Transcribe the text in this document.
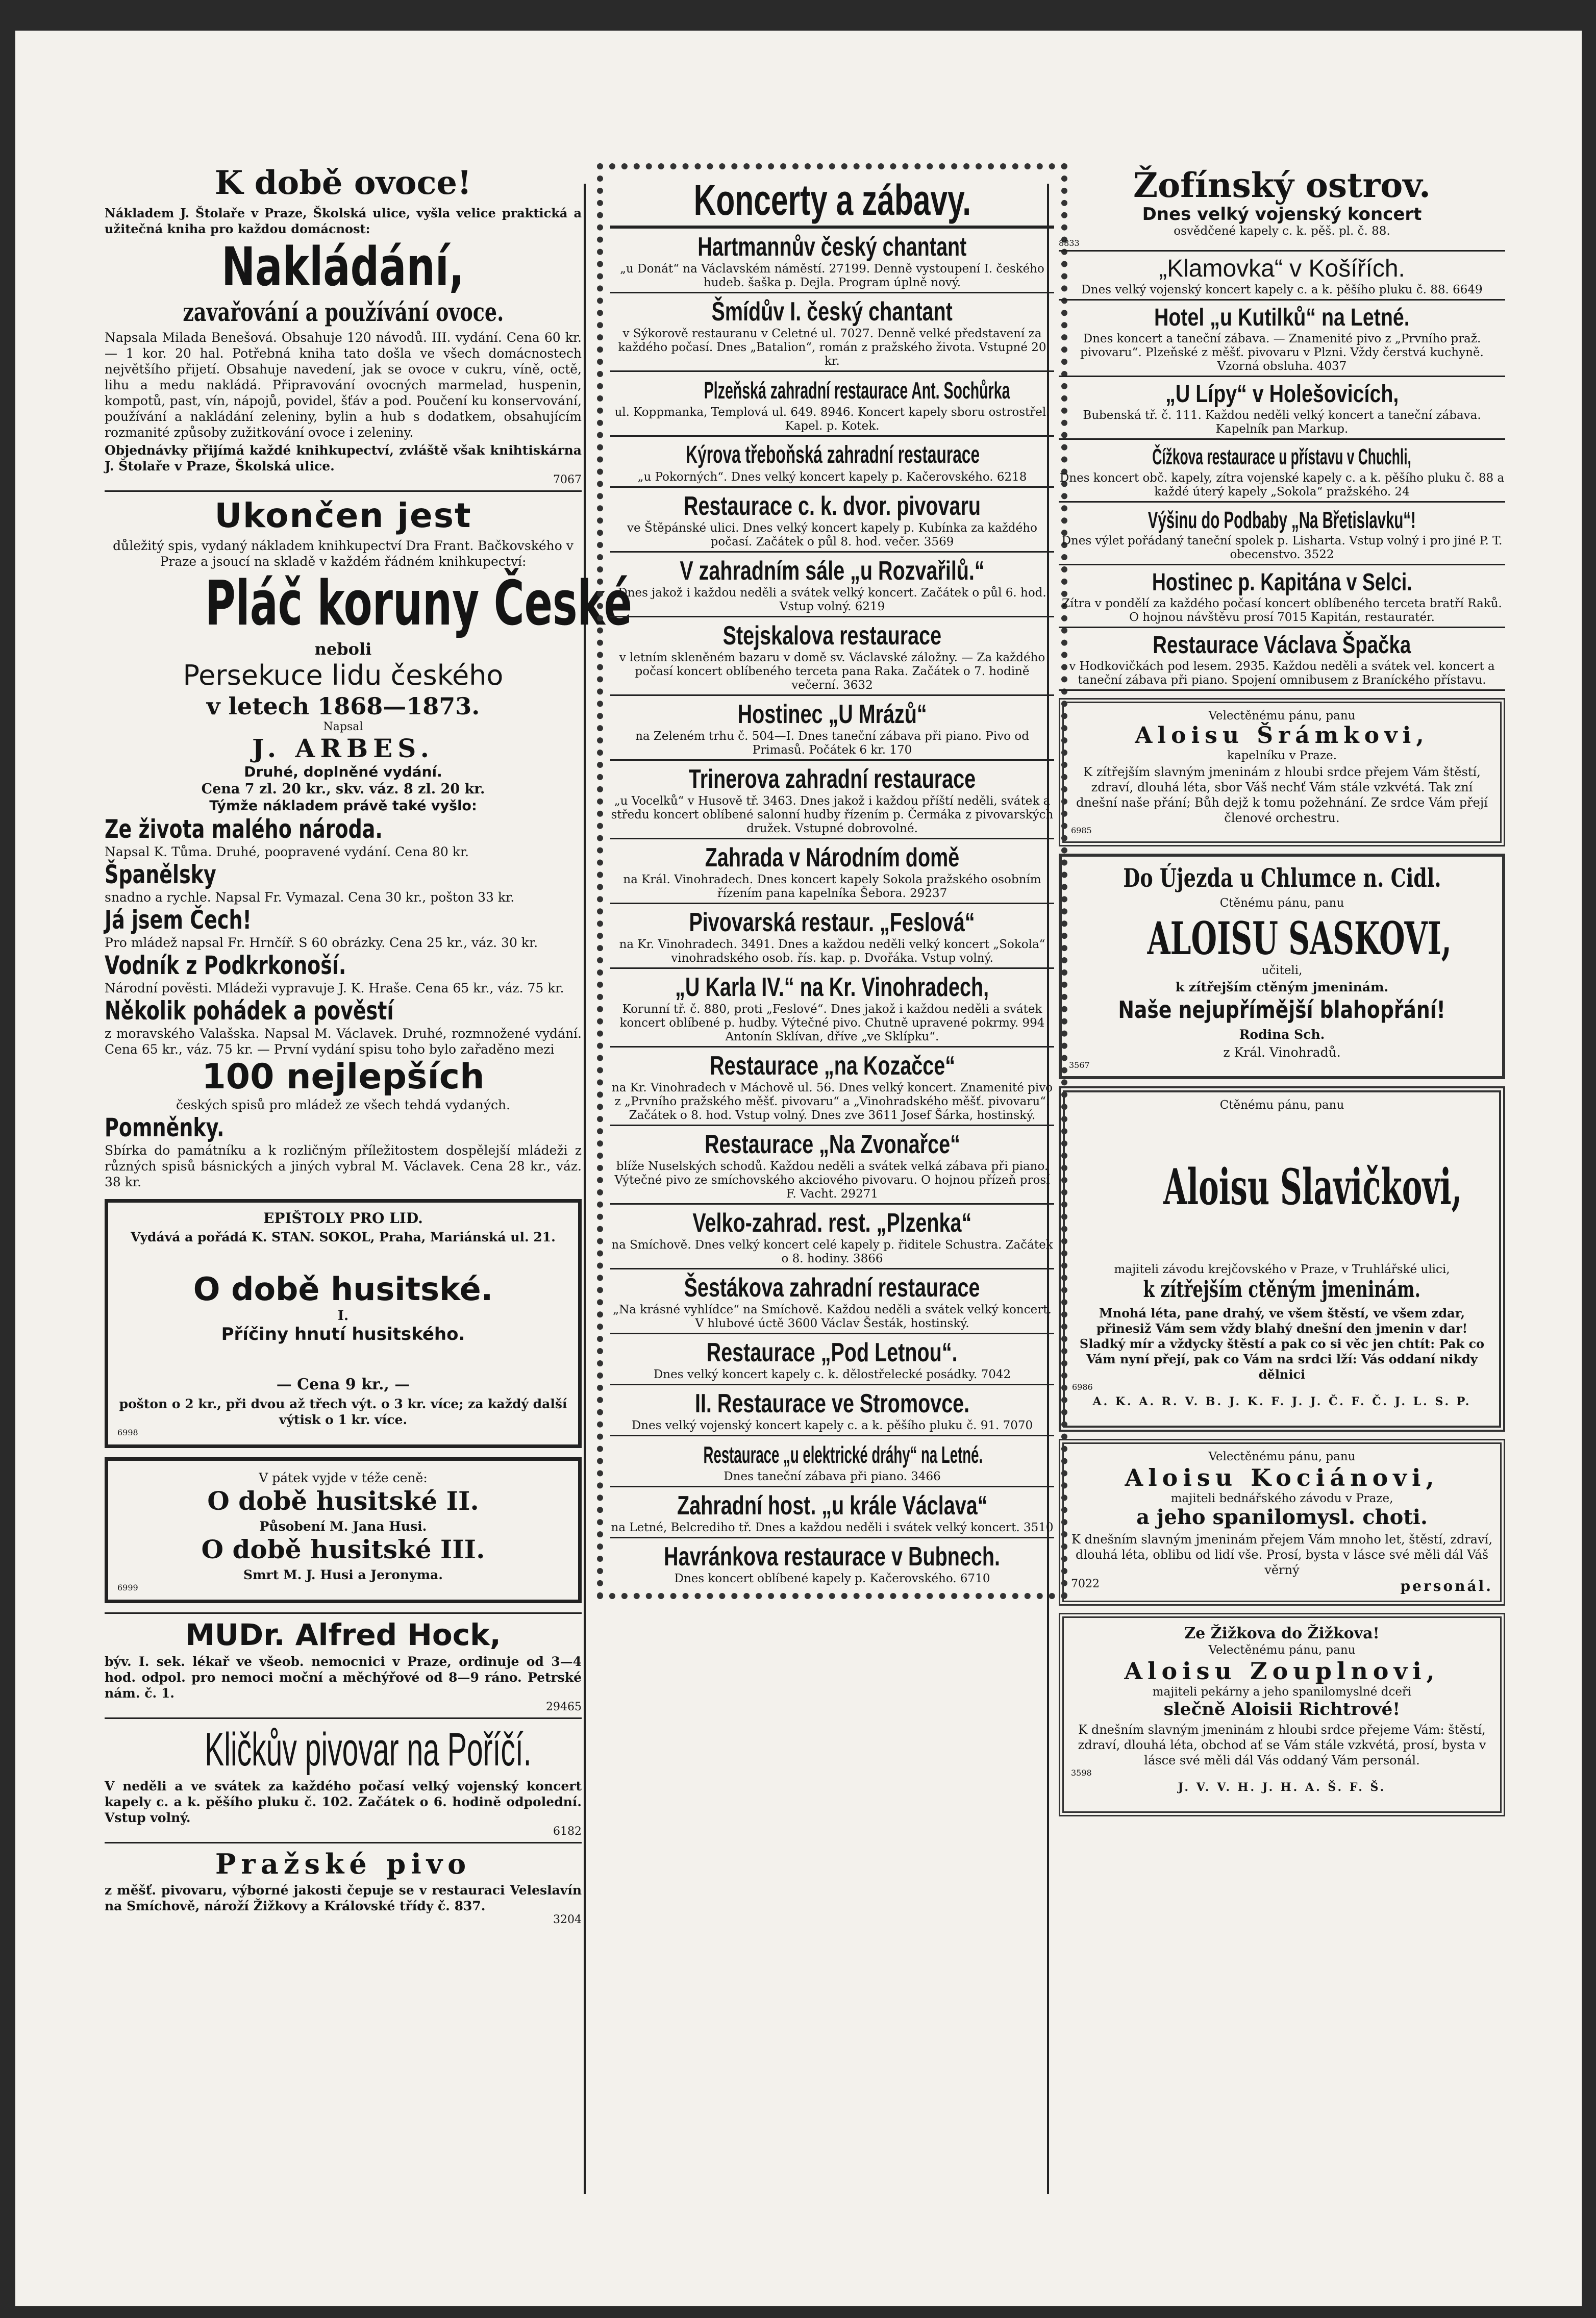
K době ovoce!

Nákladem J. Štolaře v Praze, Školská ulice, vyšla velice praktická a užitečná kniha pro každou domácnost:

Nakládání,

zavařování a používání ovoce.

Napsala Milada Benešová. Obsahuje 120 návodů. III. vydání. Cena 60 kr. — 1 kor. 20 hal. Potřebná kniha tato došla ve všech domácnostech největšího přijetí. Obsahuje navedení, jak se ovoce v cukru, víně, octě, lihu a medu nakládá. Připravování ovocných marmelad, huspenin, kompotů, past, vín, nápojů, povidel, šťáv a pod. Poučení ku konservování, používání a nakládání zeleniny, bylin a hub s dodatkem, obsahujícím rozmanité způsoby zužitkování ovoce i zeleniny.

Objednávky přijímá každé knihkupectví, zvláště však knihtiskárna J. Štolaře v Praze, Školská ulice.

7067

Ukončen jest

důležitý spis, vydaný nákladem knihkupectví Dra Frant. Bačkovského v Praze a jsoucí na skladě v každém řádném knihkupectví:

Pláč koruny České

neboli

Persekuce lidu českého

v letech 1868—1873.

Napsal

J. ARBES.

Druhé, doplněné vydání.

Cena 7 zl. 20 kr., skv. váz. 8 zl. 20 kr.

Týmže nákladem právě také vyšlo:

Ze života malého národa.

Napsal K. Tůma. Druhé, poopravené vydání. Cena 80 kr.

Španělsky

snadno a rychle. Napsal Fr. Vymazal. Cena 30 kr., pošton 33 kr.

Já jsem Čech!

Pro mládež napsal Fr. Hrnčíř. S 60 obrázky. Cena 25 kr., váz. 30 kr.

Vodník z Podkrkonoší.

Národní pověsti. Mládeži vypravuje J. K. Hraše. Cena 65 kr., váz. 75 kr.

Několik pohádek a pověstí

z moravského Valašska. Napsal M. Václavek. Druhé, rozmnožené vydání. Cena 65 kr., váz. 75 kr. — První vydání spisu toho bylo zařaděno mezi

100 nejlepších

českých spisů pro mládež ze všech tehdá vydaných.

Pomněnky.

Sbírka do památníku a k rozličným příležitostem dospělejší mládeži z různých spisů básnických a jiných vybral M. Václavek. Cena 28 kr., váz. 38 kr.

EPIŠTOLY PRO LID.

Vydává a pořádá K. STAN. SOKOL, Praha, Mariánská ul. 21.

O době husitské.

I.

Příčiny hnutí husitského.

— Cena 9 kr., —

pošton o 2 kr., při dvou až třech výt. o 3 kr. více; za každý další výtisk o 1 kr. více.

6998

V pátek vyjde v téže ceně:

O době husitské II.

Působení M. Jana Husi.

O době husitské III.

Smrt M. J. Husi a Jeronyma.

6999

MUDr. Alfred Hock,

býv. I. sek. lékař ve všeob. nemocnici v Praze, ordinuje od 3—4 hod. odpol. pro nemoci moční a měchýřové od 8—9 ráno. Petrské nám. č. 1.

29465

Kličkův pivovar na Poříčí.

V neděli a ve svátek za každého počasí velký vojenský koncert kapely c. a k. pěšího pluku č. 102. Začátek o 6. hodině odpolední. Vstup volný.

6182

Pražské pivo

z měšť. pivovaru, výborné jakosti čepuje se v restauraci Veleslavín na Smíchově, nároží Žižkovy a Královské třídy č. 837.

3204

Koncerty a zábavy.

Hartmannův český chantant

„u Donát“ na Václavském náměstí. 27199. Denně vystoupení I. českého hudeb. šaška p. Dejla. Program úplně nový.

Šmídův I. český chantant

v Sýkorově restauranu v Celetné ul. 7027. Denně velké představení za každého počasí. Dnes „Batalion“, román z pražského života. Vstupné 20 kr.

Plzeňská zahradní restaurace Ant. Sochůrka

ul. Koppmanka, Templová ul. 649. 8946. Koncert kapely sboru ostrostřel. Kapel. p. Kotek.

Kýrova třeboňská zahradní restaurace

„u Pokorných“. Dnes velký koncert kapely p. Kačerovského. 6218

Restaurace c. k. dvor. pivovaru

ve Štěpánské ulici. Dnes velký koncert kapely p. Kubínka za každého počasí. Začátek o půl 8. hod. večer. 3569

V zahradním sále „u Rozvařilů.“

Dnes jakož i každou neděli a svátek velký koncert. Začátek o půl 6. hod. Vstup volný. 6219

Stejskalova restaurace

v letním skleněném bazaru v domě sv. Václavské záložny. — Za každého počasí koncert oblíbeného terceta pana Raka. Začátek o 7. hodině večerní. 3632

Hostinec „U Mrázů“

na Zeleném trhu č. 504—I. Dnes taneční zábava při piano. Pivo od Primasů. Počátek 6 kr. 170

Trinerova zahradní restaurace

„u Vocelků“ v Husově tř. 3463. Dnes jakož i každou příští neděli, svátek a středu koncert oblíbené salonní hudby řízením p. Čermáka z pivovarských družek. Vstupné dobrovolné.

Zahrada v Národním domě

na Král. Vinohradech. Dnes koncert kapely Sokola pražského osobním řízením pana kapelníka Šebora. 29237

Pivovarská restaur. „Feslová“

na Kr. Vinohradech. 3491. Dnes a každou neděli velký koncert „Sokola“ vinohradského osob. řís. kap. p. Dvořáka. Vstup volný.

„U Karla IV.“ na Kr. Vinohradech,

Korunní tř. č. 880, proti „Feslové“. Dnes jakož i každou neděli a svátek koncert oblíbené p. hudby. Výtečné pivo. Chutně upravené pokrmy. 994 Antonín Sklívan, dříve „ve Sklípku“.

Restaurace „na Kozačce“

na Kr. Vinohradech v Máchově ul. 56. Dnes velký koncert. Znamenité pivo z „Prvního pražského měšť. pivovaru“ a „Vinohradského měšť. pivovaru“. Začátek o 8. hod. Vstup volný. Dnes zve 3611 Josef Šárka, hostinský.

Restaurace „Na Zvonařce“

blíže Nuselských schodů. Každou neděli a svátek velká zábava při piano. Výtečné pivo ze smíchovského akciového pivovaru. O hojnou přízeň prosí F. Vacht. 29271

Velko-zahrad. rest. „Plzenka“

na Smíchově. Dnes velký koncert celé kapely p. řiditele Schustra. Začátek o 8. hodiny. 3866

Šestákova zahradní restaurace

„Na krásné vyhlídce“ na Smíchově. Každou neděli a svátek velký koncert. V hlubové úctě 3600 Václav Šesták, hostinský.

Restaurace „Pod Letnou“.

Dnes velký koncert kapely c. k. dělostřelecké posádky. 7042

II. Restaurace ve Stromovce.

Dnes velký vojenský koncert kapely c. a k. pěšího pluku č. 91. 7070

Restaurace „u elektrické dráhy“ na Letné.

Dnes taneční zábava při piano. 3466

Zahradní host. „u krále Václava“

na Letné, Belcrediho tř. Dnes a každou neděli i svátek velký koncert. 3510

Havránkova restaurace v Bubnech.

Dnes koncert oblíbené kapely p. Kačerovského. 6710

Žofínský ostrov.

Dnes velký vojenský koncert

osvědčené kapely c. k. pěš. pl. č. 88.

8833

„Klamovka“ v Košířích.

Dnes velký vojenský koncert kapely c. a k. pěšího pluku č. 88. 6649

Hotel „u Kutilků“ na Letné.

Dnes koncert a taneční zábava. — Znamenité pivo z „Prvního praž. pivovaru“. Plzeňské z měšť. pivovaru v Plzni. Vždy čerstvá kuchyně. Vzorná obsluha. 4037

„U Lípy“ v Holešovicích,

Bubenská tř. č. 111. Každou neděli velký koncert a taneční zábava. Kapelník pan Markup.

Čížkova restaurace u přístavu v Chuchli,

Dnes koncert obč. kapely, zítra vojenské kapely c. a k. pěšího pluku č. 88 a každé úterý kapely „Sokola“ pražského. 24

Výšinu do Podbaby „Na Břetislavku“!

Dnes výlet pořádaný taneční spolek p. Lisharta. Vstup volný i pro jiné P. T. obecenstvo. 3522

Hostinec p. Kapitána v Selci.

Zítra v pondělí za každého počasí koncert oblíbeného terceta bratří Raků. O hojnou návštěvu prosí 7015 Kapitán, restauratér.

Restaurace Václava Špačka

v Hodkovičkách pod lesem. 2935. Každou neděli a svátek vel. koncert a taneční zábava při piano. Spojení omnibusem z Braníckého přístavu.

Velectěnému pánu, panu

Aloisu Šrámkovi,

kapelníku v Praze.

K zítřejším slavným jmeninám z hloubi srdce přejem Vám štěstí, zdraví, dlouhá léta, sbor Váš nechť Vám stále vzkvétá. Tak zní dnešní naše přání; Bůh dejž k tomu požehnání. Ze srdce Vám přejí členové orchestru.

6985

Do Újezda u Chlumce n. Cidl.

Ctěnému pánu, panu

ALOISU SASKOVI,

učiteli,

k zítřejším ctěným jmeninám.

Naše nejupřímější blahopřání!

Rodina Sch.

z Král. Vinohradů.

3567

Ctěnému pánu, panu

Aloisu Slavičkovi,

majiteli závodu krejčovského v Praze, v Truhlářské ulici,

k zítřejším ctěným jmeninám.

Mnohá léta, pane drahý, ve všem štěstí, ve všem zdar, přinesiž Vám sem vždy blahý dnešní den jmenin v dar! Sladký mír a vždycky štěstí a pak co si věc jen chtít: Pak co Vám nyní přejí, pak co Vám na srdci lží: Vás oddaní nikdy dělnici

6986

A. K. A. R. V. B. J. K. F. J. J. Č. F. Č. J. L. S. P.

Velectěnému pánu, panu

Aloisu Kociánovi,

majiteli bednářského závodu v Praze,

a jeho spanilomysl. choti.

K dnešním slavným jmeninám přejem Vám mnoho let, štěstí, zdraví, dlouhá léta, oblibu od lidí vše. Prosí, bysta v lásce své měli dál Váš věrný

7022	personál.

Ze Žižkova do Žižkova!

Velectěnému pánu, panu

Aloisu Zouplnovi,

majiteli pekárny a jeho spanilomyslné dceři

slečně Aloisii Richtrové!

K dnešním slavným jmeninám z hloubi srdce přejeme Vám: štěstí, zdraví, dlouhá léta, obchod ať se Vám stále vzkvétá, prosí, bysta v lásce své měli dál Vás oddaný Vám personál.

3598

J. V. V. H. J. H. A. Š. F. Š.
